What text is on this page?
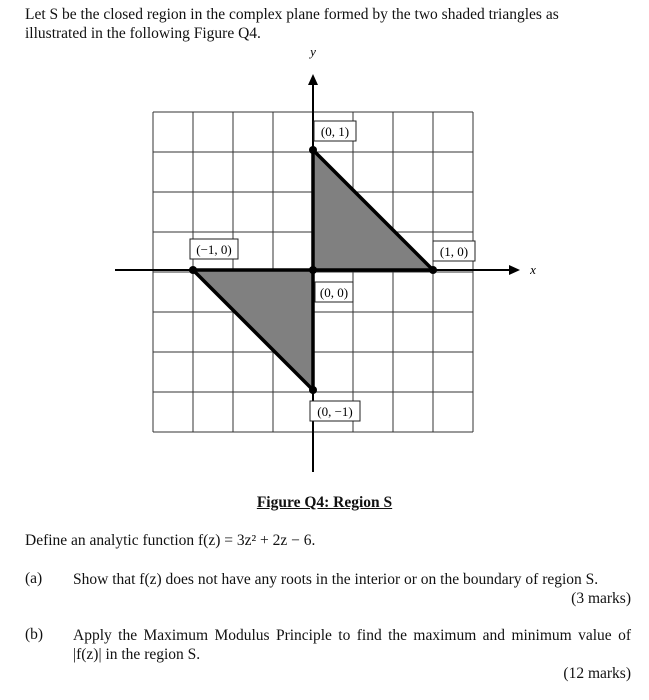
Let S be the closed region in the complex plane formed by the two shaded triangles as
illustrated in the following Figure Q4.
y
x
(0, 1)
(−1, 0)	(1, 0)
(0, 0)
(0, −1)
Figure Q4: Region S
Define an analytic function f(z) = 3z² + 2z − 6.
(a) Show that f(z) does not have any roots in the interior or on the boundary of region S.
(3 marks)
(b) Apply the Maximum Modulus Principle to find the maximum and minimum value of |f(z)| in the region S.
(12 marks)
